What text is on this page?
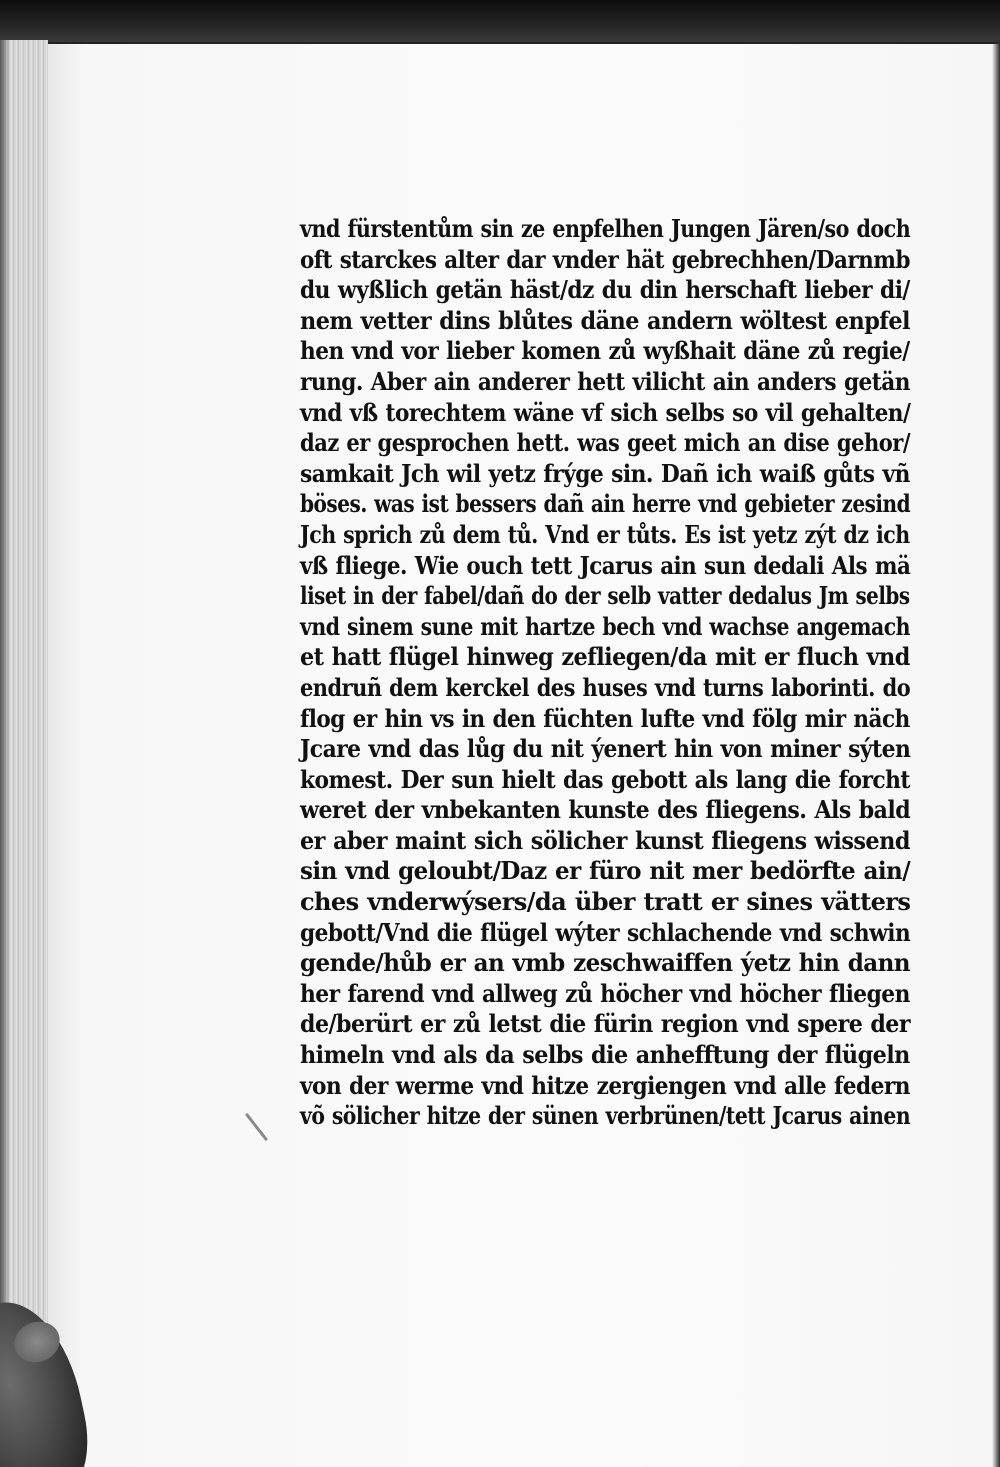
vnd fürstentům sin ze enpfelhen Jungen Jären/so doch
oft starckes alter dar vnder hät gebrechhen/Darnmb
du wyßlich getän häst/dz du din herschaft lieber di/
nem vetter dins blůtes däne andern wöltest enpfel
hen vnd vor lieber komen zů wyßhait däne zů regie/
rung. Aber ain anderer hett vilicht ain anders getän
vnd vß torechtem wäne vf sich selbs so vil gehalten/
daz er gesprochen hett. was geet mich an dise gehor/
samkait Jch wil yetz frýge sin. Dañ ich waiß gůts vñ
böses. was ist bessers dañ ain herre vnd gebieter zesind
Jch sprich zů dem tů. Vnd er tůts. Es ist yetz zýt dz ich
vß fliege. Wie ouch tett Jcarus ain sun dedali Als mä
liset in der fabel/dañ do der selb vatter dedalus Jm selbs
vnd sinem sune mit hartze bech vnd wachse angemach
et hatt flügel hinweg zefliegen/da mit er fluch vnd
endruñ dem kerckel des huses vnd turns laborinti. do
flog er hin vs in den füchten lufte vnd fölg mir näch
Jcare vnd das lůg du nit ýenert hin von miner sýten
komest. Der sun hielt das gebott als lang die forcht
weret der vnbekanten kunste des fliegens. Als bald
er aber maint sich sölicher kunst fliegens wissend
sin vnd geloubt/Daz er füro nit mer bedörfte ain/
ches vnderwýsers/da über tratt er sines vätters
gebott/Vnd die flügel wýter schlachende vnd schwin
gende/hůb er an vmb zeschwaiffen ýetz hin dann
her farend vnd allweg zů höcher vnd höcher fliegen
de/berürt er zů letst die fürin region vnd spere der
himeln vnd als da selbs die anhefftung der flügeln
von der werme vnd hitze zergiengen vnd alle federn
võ sölicher hitze der sünen verbrünen/tett Jcarus ainen
